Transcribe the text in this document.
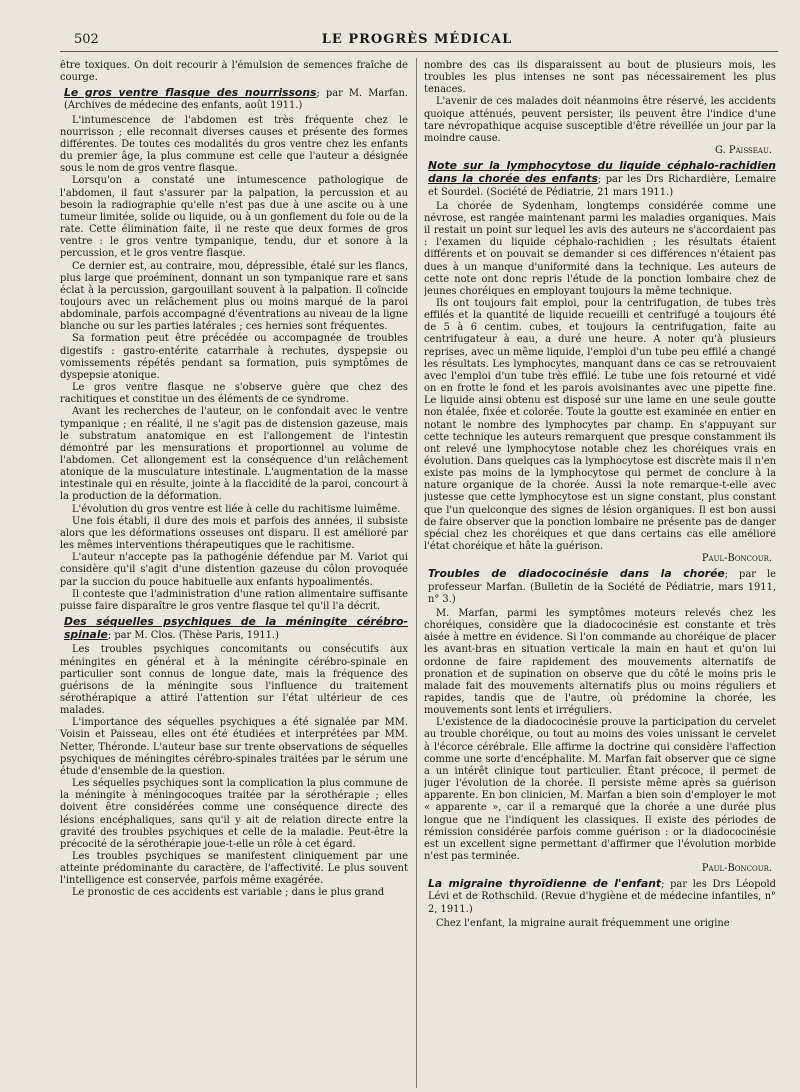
502	LE PROGRÈS MÉDICAL

être toxiques. On doit recourir à l'émulsion de semences fraîche de courge.

Le gros ventre flasque des nourrissons; par M. Marfan. (Archives de médecine des enfants, août 1911.)

L'intumescence de l'abdomen est très fréquente chez le nourrisson ; elle reconnait diverses causes et présente des formes différentes. De toutes ces modalités du gros ventre chez les enfants du premier âge, la plus commune est celle que l'auteur a désignée sous le nom de gros ventre flasque.

Lorsqu'on a constaté une intumescence pathologique de l'abdomen, il faut s'assurer par la palpation, la percussion et au besoin la radiographie qu'elle n'est pas due à une ascite ou à une tumeur limitée, solide ou liquide, ou à un gonflement du foie ou de la rate. Cette élimination faite, il ne reste que deux formes de gros ventre : le gros ventre tympanique, tendu, dur et sonore à la percussion, et le gros ventre flasque.

Ce dernier est, au contraire, mou, dépressible, étalé sur les flancs, plus large que proéminent, donnant un son tympanique rare et sans éclat à la percussion, gargouillant souvent à la palpation. Il coïncide toujours avec un relâchement plus ou moins marqué de la paroi abdominale, parfois accompagné d'éventrations au niveau de la ligne blanche ou sur les parties latérales ; ces hernies sont fréquentes.

Sa formation peut être précédée ou accompagnée de troubles digestifs : gastro-entérite catarrhale à rechutes, dyspepsie ou vomissements répétés pendant sa formation, puis symptômes de dyspepsie atonique.

Le gros ventre flasque ne s'observe guère que chez des rachitiques et constitue un des éléments de ce syndrome.

Avant les recherches de l'auteur, on le confondait avec le ventre tympanique ; en réalité, il ne s'agit pas de distension gazeuse, mais le substratum anatomique en est l'allongement de l'intestin démontré par les mensurations et proportionnel au volume de l'abdomen. Cet allongement est la conséquence d'un relâchement atonique de la musculature intestinale. L'augmentation de la masse intestinale qui en résulte, jointe à la flaccidité de la paroi, concourt à la production de la déformation.

L'évolution du gros ventre est liée à celle du rachitisme luimême.

Une fois établi, il dure des mois et parfois des années, il subsiste alors que les déformations osseuses ont disparu. Il est amélioré par les mêmes interventions thérapeutiques que le rachitisme.

L'auteur n'accepte pas la pathogénie défendue par M. Variot qui considère qu'il s'agit d'une distention gazeuse du côlon provoquée par la succion du pouce habituelle aux enfants hypoalimentés.

Il conteste que l'administration d'une ration alimentaire suffisante puisse faire disparaître le gros ventre flasque tel qu'il l'a décrit.

Des séquelles psychiques de la méningite cérébro-spinale; par M. Clos. (Thèse Paris, 1911.)

Les troubles psychiques concomitants ou consécutifs aux méningites en général et à la méningite cérébro-spinale en particulier sont connus de longue date, mais la fréquence des guérisons de la méningite sous l'influence du traitement sérothérapique a attiré l'attention sur l'état ultérieur de ces malades.

L'importance des séquelles psychiques a été signalée par MM. Voisin et Paisseau, elles ont été étudiées et interprétées par MM. Netter, Théronde. L'auteur base sur trente observations de séquelles psychiques de méningites cérébro-spinales traitées par le sérum une étude d'ensemble de la question.

Les séquelles psychiques sont la complication la plus commune de la méningite à méningocoques traitée par la sérothérapie ; elles doivent être considérées comme une conséquence directe des lésions encéphaliques, sans qu'il y ait de relation directe entre la gravité des troubles psychiques et celle de la maladie. Peut-être la précocité de la sérothérapie joue-t-elle un rôle à cet égard.

Les troubles psychiques se manifestent cliniquement par une atteinte prédominante du caractère, de l'affectivité. Le plus souvent l'intelligence est conservée, parfois même exagérée.

Le pronostic de ces accidents est variable ; dans le plus grand

nombre des cas ils disparaissent au bout de plusieurs mois, les troubles les plus intenses ne sont pas nécessairement les plus tenaces.

L'avenir de ces malades doit néanmoins être réservé, les accidents quoique atténués, peuvent persister, ils peuvent être l'indice d'une tare névropathique acquise susceptible d'être réveillée un jour par la moindre cause.

G. Paisseau.

Note sur la lymphocytose du liquide céphalo-rachidien dans la chorée des enfants; par les Drs Richardière, Lemaire et Sourdel. (Société de Pédiatrie, 21 mars 1911.)

La chorée de Sydenham, longtemps considérée comme une névrose, est rangée maintenant parmi les maladies organiques. Mais il restait un point sur lequel les avis des auteurs ne s'accordaient pas : l'examen du liquide céphalo-rachidien ; les résultats étaient différents et on pouvait se demander si ces différences n'étaient pas dues à un manque d'uniformité dans la technique. Les auteurs de cette note ont donc repris l'étude de la ponction lombaire chez de jeunes choréiques en employant toujours la même technique.

Ils ont toujours fait emploi, pour la centrifugation, de tubes très effilés et la quantité de liquide recueilli et centrifugé a toujours été de 5 à 6 centim. cubes, et toujours la centrifugation, faite au centrifugateur à eau, a duré une heure. A noter qu'à plusieurs reprises, avec un même liquide, l'emploi d'un tube peu effilé a changé les résultats. Les lymphocytes, manquant dans ce cas se retrouvaient avec l'emploi d'un tube très effilé. Le tube une fois retourné et vidé on en frotte le fond et les parois avoisinantes avec une pipette fine. Le liquide ainsi obtenu est disposé sur une lame en une seule goutte non étalée, fixée et colorée. Toute la goutte est examinée en entier en notant le nombre des lymphocytes par champ. En s'appuyant sur cette technique les auteurs remarquent que presque constamment ils ont relevé une lymphocytose notable chez les choréiques vrais en évolution. Dans quelques cas la lymphocytose est discrète mais il n'en existe pas moins de la lymphocytose qui permet de conclure à la nature organique de la chorée. Aussi la note remarque-t-elle avec justesse que cette lymphocytose est un signe constant, plus constant que l'un quelconque des signes de lésion organiques. Il est bon aussi de faire observer que la ponction lombaire ne présente pas de danger spécial chez les choréiques et que dans certains cas elle améliore l'état choréique et hâte la guérison.

Paul-Boncour.

Troubles de diadococinésie dans la chorée; par le professeur Marfan. (Bulletin de la Société de Pédiatrie, mars 1911, n° 3.)

M. Marfan, parmi les symptômes moteurs relevés chez les choréiques, considère que la diadococinésie est constante et très aisée à mettre en évidence. Si l'on commande au choréique de placer les avant-bras en situation verticale la main en haut et qu'on lui ordonne de faire rapidement des mouvements alternatifs de pronation et de supination on observe que du côté le moins pris le malade fait des mouvements alternatifs plus ou moins réguliers et rapides, tandis que de l'autre, où prédomine la chorée, les mouvements sont lents et irréguliers.

L'existence de la diadococinésie prouve la participation du cervelet au trouble choréique, ou tout au moins des voies unissant le cervelet à l'écorce cérébrale. Elle affirme la doctrine qui considère l'affection comme une sorte d'encéphalite. M. Marfan fait observer que ce signe a un intérêt clinique tout particulier. Étant précoce, il permet de juger l'évolution de la chorée. Il persiste même après sa guérison apparente. En bon clinicien, M. Marfan a bien soin d'employer le mot « apparente », car il a remarqué que la chorée a une durée plus longue que ne l'indiquent les classiques. Il existe des périodes de rémission considérée parfois comme guérison : or la diadococinésie est un excellent signe permettant d'affirmer que l'évolution morbide n'est pas terminée.

Paul-Boncour.

La migraine thyroïdienne de l'enfant; par les Drs Léopold Lévi et de Rothschild. (Revue d'hygiène et de médecine infantiles, n° 2, 1911.)

Chez l'enfant, la migraine aurait fréquemment une origine
